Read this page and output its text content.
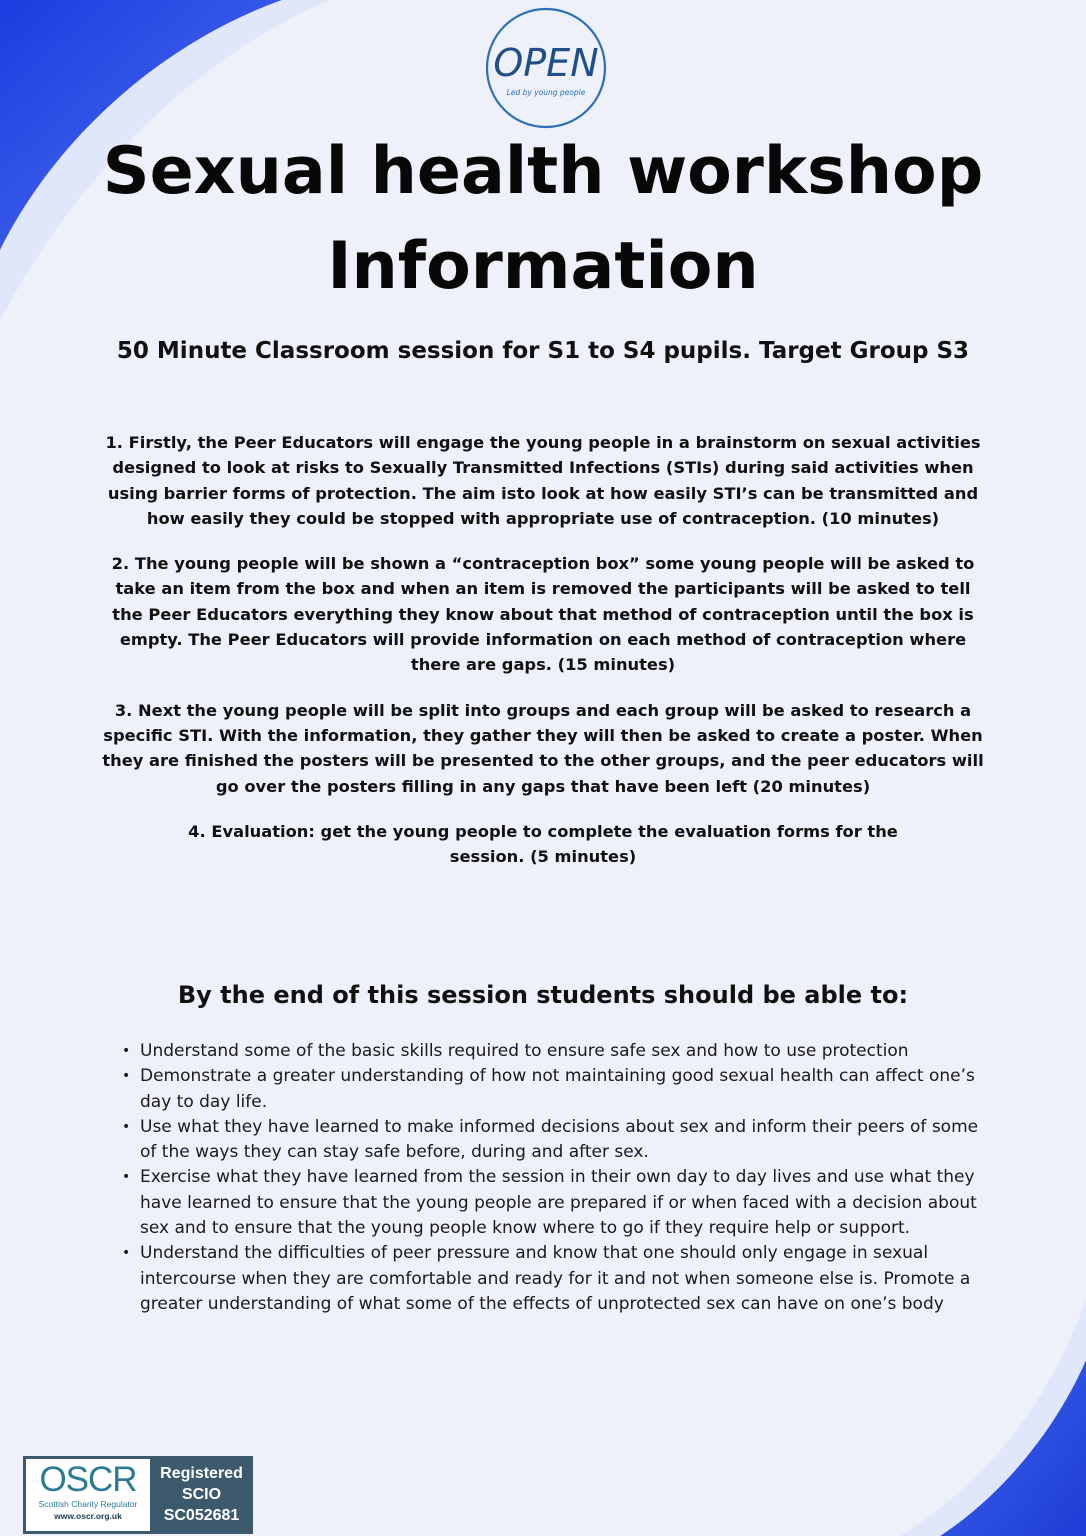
OPEN
Led by young people
Sexual health workshop
Information
50 Minute Classroom session for S1 to S4 pupils. Target Group S3

1. Firstly, the Peer Educators will engage the young people in a brainstorm on sexual activities designed to look at risks to Sexually Transmitted Infections (STIs) during said activities when using barrier forms of protection. The aim isto look at how easily STI’s can be transmitted and how easily they could be stopped with appropriate use of contraception. (10 minutes)

2. The young people will be shown a “contraception box” some young people will be asked to take an item from the box and when an item is removed the participants will be asked to tell the Peer Educators everything they know about that method of contraception until the box is empty. The Peer Educators will provide information on each method of contraception where there are gaps. (15 minutes)

3. Next the young people will be split into groups and each group will be asked to research a specific STI. With the information, they gather they will then be asked to create a poster. When they are finished the posters will be presented to the other groups, and the peer educators will go over the posters filling in any gaps that have been left (20 minutes)

4. Evaluation: get the young people to complete the evaluation forms for the session. (5 minutes)

By the end of this session students should be able to:
• Understand some of the basic skills required to ensure safe sex and how to use protection
• Demonstrate a greater understanding of how not maintaining good sexual health can affect one’s day to day life.
• Use what they have learned to make informed decisions about sex and inform their peers of some of the ways they can stay safe before, during and after sex.
• Exercise what they have learned from the session in their own day to day lives and use what they have learned to ensure that the young people are prepared if or when faced with a decision about sex and to ensure that the young people know where to go if they require help or support.
• Understand the difficulties of peer pressure and know that one should only engage in sexual intercourse when they are comfortable and ready for it and not when someone else is. Promote a greater understanding of what some of the effects of unprotected sex can have on one’s body
OSCR
Scottish Charity Regulator
www.oscr.org.uk
Registered
SCIO
SC052681
